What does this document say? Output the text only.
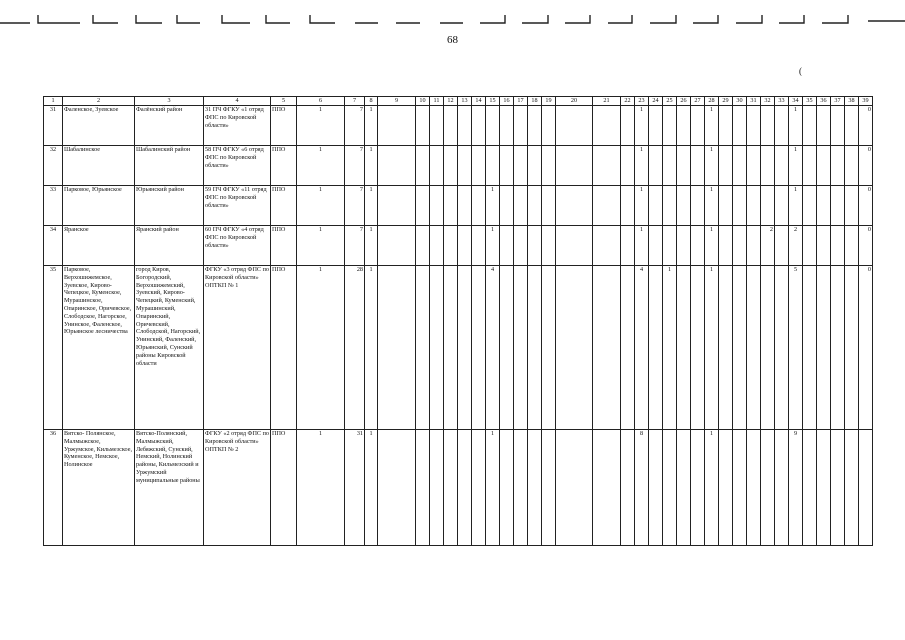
68
(
1	2	3	4	5	6	7	8	9	10	11	12	13	14	15	16	17	18	19	20	21	22	23	24	25	26	27	28	29	30	31	32	33	34	35	36	37	38	39
31	Фаленское, Зуевское	Фалёнский район	31 ПЧ ФГКУ «1 отряд ФПС по Кировской области»	ППО	1	7	1															1					1						1					0
32	Шабалинское	Шабалинский район	58 ПЧ ФГКУ «6 отряд ФПС по Кировской области»	ППО	1	7	1															1					1						1					0
33	Парковое, Юрьянское	Юрьянский район	59 ПЧ ФГКУ «11 отряд ФПС по Кировской области»	ППО	1	7	1							1								1					1						1					0
34	Яранское	Яранский район	60 ПЧ ФГКУ «4 отряд ФПС по Кировской области»	ППО	1	7	1							1								1					1				2		2					0
35	Парковое, Верхошижемское, Зуевское, Кирово-Чепецкое, Куменское, Мурашинское, Опаринское, Оричевское, Слободское, Нагорское, Унинское, Фаленское, Юрьянское лесничества	город Киров, Богородский, Верхошижемский, Зуевский, Кирово-Чепецкий, Куменский, Мурашинский, Опаринский, Оричевский, Слободской, Нагорский, Унинский, Фаленский, Юрьянский, Сунский районы Кировской области	ФГКУ «3 отряд ФПС по Кировской области» ОПТКП № 1	ППО	1	28	1							4								4		1			1						5					0
36	Вятско- Полянское, Малмыжское, Уржумское, Кильмезское, Куменское, Немское, Нолинское	Вятско-Полянский, Малмыжский, Лебяжский, Сунский, Немский, Нолинский районы, Кильмезский и Уржумский муниципальные районы	ФГКУ «2 отряд ФПС по Кировской области» ОПТКП № 2	ППО	1	31	1							1								8					1						9					
